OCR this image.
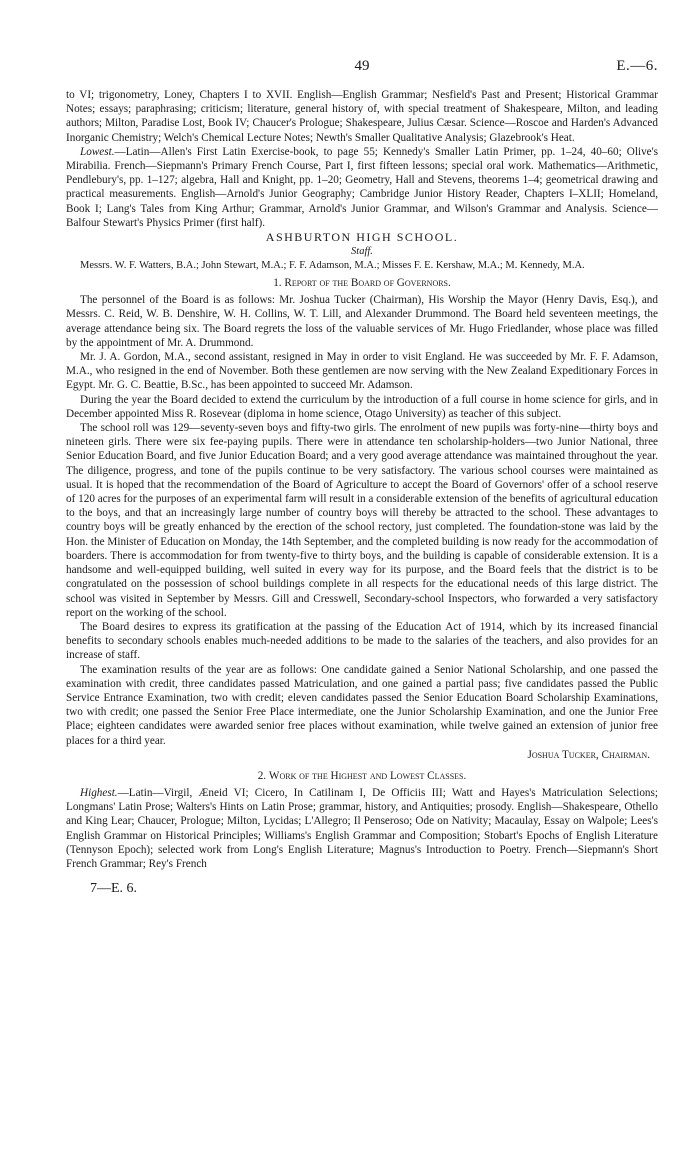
49	E.—6.

to VI; trigonometry, Loney, Chapters I to XVII. English—English Grammar; Nesfield's Past and Present; Historical Grammar Notes; essays; paraphrasing; criticism; literature, general history of, with special treatment of Shakespeare, Milton, and leading authors; Milton, Paradise Lost, Book IV; Chaucer's Prologue; Shakespeare, Julius Cæsar. Science—Roscoe and Harden's Advanced Inorganic Chemistry; Welch's Chemical Lecture Notes; Newth's Smaller Qualitative Analysis; Glazebrook's Heat.

Lowest.—Latin—Allen's First Latin Exercise-book, to page 55; Kennedy's Smaller Latin Primer, pp. 1–24, 40–60; Olive's Mirabilia. French—Siepmann's Primary French Course, Part I, first fifteen lessons; special oral work. Mathematics—Arithmetic, Pendlebury's, pp. 1–127; algebra, Hall and Knight, pp. 1–20; Geometry, Hall and Stevens, theorems 1–4; geometrical drawing and practical measurements. English—Arnold's Junior Geography; Cambridge Junior History Reader, Chapters I–XLII; Homeland, Book I; Lang's Tales from King Arthur; Grammar, Arnold's Junior Grammar, and Wilson's Grammar and Analysis. Science—Balfour Stewart's Physics Primer (first half).

ASHBURTON HIGH SCHOOL.
Staff.

Messrs. W. F. Watters, B.A.; John Stewart, M.A.; F. F. Adamson, M.A.; Misses F. E. Kershaw, M.A.; M. Kennedy, M.A.

1. Report of the Board of Governors.

The personnel of the Board is as follows: Mr. Joshua Tucker (Chairman), His Worship the Mayor (Henry Davis, Esq.), and Messrs. C. Reid, W. B. Denshire, W. H. Collins, W. T. Lill, and Alexander Drummond. The Board held seventeen meetings, the average attendance being six. The Board regrets the loss of the valuable services of Mr. Hugo Friedlander, whose place was filled by the appointment of Mr. A. Drummond.

Mr. J. A. Gordon, M.A., second assistant, resigned in May in order to visit England. He was succeeded by Mr. F. F. Adamson, M.A., who resigned in the end of November. Both these gentlemen are now serving with the New Zealand Expeditionary Forces in Egypt. Mr. G. C. Beattie, B.Sc., has been appointed to succeed Mr. Adamson.

During the year the Board decided to extend the curriculum by the introduction of a full course in home science for girls, and in December appointed Miss R. Rosevear (diploma in home science, Otago University) as teacher of this subject.

The school roll was 129—seventy-seven boys and fifty-two girls. The enrolment of new pupils was forty-nine—thirty boys and nineteen girls. There were six fee-paying pupils. There were in attendance ten scholarship-holders—two Junior National, three Senior Education Board, and five Junior Education Board; and a very good average attendance was maintained throughout the year. The diligence, progress, and tone of the pupils continue to be very satisfactory. The various school courses were maintained as usual. It is hoped that the recommendation of the Board of Agriculture to accept the Board of Governors' offer of a school reserve of 120 acres for the purposes of an experimental farm will result in a considerable extension of the benefits of agricultural education to the boys, and that an increasingly large number of country boys will thereby be attracted to the school. These advantages to country boys will be greatly enhanced by the erection of the school rectory, just completed. The foundation-stone was laid by the Hon. the Minister of Education on Monday, the 14th September, and the completed building is now ready for the accommodation of boarders. There is accommodation for from twenty-five to thirty boys, and the building is capable of considerable extension. It is a handsome and well-equipped building, well suited in every way for its purpose, and the Board feels that the district is to be congratulated on the possession of school buildings complete in all respects for the educational needs of this large district. The school was visited in September by Messrs. Gill and Cresswell, Secondary-school Inspectors, who forwarded a very satisfactory report on the working of the school.

The Board desires to express its gratification at the passing of the Education Act of 1914, which by its increased financial benefits to secondary schools enables much-needed additions to be made to the salaries of the teachers, and also provides for an increase of staff.

The examination results of the year are as follows: One candidate gained a Senior National Scholarship, and one passed the examination with credit, three candidates passed Matriculation, and one gained a partial pass; five candidates passed the Public Service Entrance Examination, two with credit; eleven candidates passed the Senior Education Board Scholarship Examinations, two with credit; one passed the Senior Free Place intermediate, one the Junior Scholarship Examination, and one the Junior Free Place; eighteen candidates were awarded senior free places without examination, while twelve gained an extension of junior free places for a third year.

Joshua Tucker, Chairman.

2. Work of the Highest and Lowest Classes.

Highest.—Latin—Virgil, Æneid VI; Cicero, In Catilinam I, De Officiis III; Watt and Hayes's Matriculation Selections; Longmans' Latin Prose; Walters's Hints on Latin Prose; grammar, history, and Antiquities; prosody. English—Shakespeare, Othello and King Lear; Chaucer, Prologue; Milton, Lycidas; L'Allegro; Il Penseroso; Ode on Nativity; Macaulay, Essay on Walpole; Lees's English Grammar on Historical Principles; Williams's English Grammar and Composition; Stobart's Epochs of English Literature (Tennyson Epoch); selected work from Long's English Literature; Magnus's Introduction to Poetry. French—Siepmann's Short French Grammar; Rey's French

7—E. 6.
